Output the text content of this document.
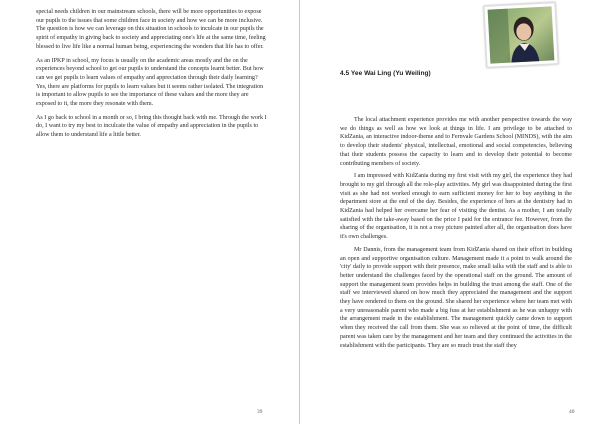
special needs children in our mainstream schools, there will be more opportunities to expose our pupils to the issues that some children face in society and how we can be more inclusive. The question is how we can leverage on this situation in schools to inculcate in our pupils the spirit of empathy in giving back to society and appreciating one's life at the same time, feeling blessed to live life like a normal human being, experiencing the wonders that life has to offer.

As an IPKP in school, my focus is usually on the academic areas mostly and the on the experiences beyond school to get our pupils to understand the concepts learnt better. But how can we get pupils to learn values of empathy and appreciation through their daily learning? Yes, there are platforms for pupils to learn values but it seems rather isolated. The integration is important to allow pupils to see the importance of these values and the more they are exposed to it, the more they resonate with them.

As I go back to school in a month or so, I bring this thought back with me. Through the work I do, I want to try my best to inculcate the value of empathy and appreciation in the pupils to allow them to understand life a little better.

39
4.5 Yee Wai Ling (Yu Weiling)

The local attachment experience provides me with another perspective towards the way we do things as well as how we look at things in life. I am privilege to be attached to KidZania, an interactive indoor-theme and to Fernvale Gardens School (MINDS), with the aim to develop their students' physical, intellectual, emotional and social competencies, believing that their students possess the capacity to learn and to develop their potential to become contributing members of society.

I am impressed with KidZania during my first visit with my girl, the experience they had brought to my girl through all the role-play activities. My girl was disappointed during the first visit as she had not worked enough to earn sufficient money for her to buy anything in the department store at the end of the day. Besides, the experience of hers at the dentistry had in KidZania had helped her overcame her fear of visiting the dentist. As a mother, I am totally satisfied with the take-away based on the price I paid for the entrance fee. However, from the sharing of the organisation, it is not a rosy picture painted after all, the organisation does have it's own challenges.

Mr Dannis, from the management team from KidZania shared on their effort in building an open and supportive organisation culture. Management made it a point to walk around the 'city' daily to provide support with their presence, make small talks with the staff and is able to better understand the challenges faced by the operational staff on the ground. The amount of support the management team provides helps in building the trust among the staff. One of the staff we interviewed shared on how much they appreciated the management and the support they have rendered to them on the ground. She shared her experience where her team met with a very unreasonable parent who made a big fuss at her establishment as he was unhappy with the arrangement made in the establishment. The management quickly came down to support when they received the call from them. She was so relieved at the point of time, the difficult parent was taken care by the management and her team and they continued the activities in the establishment with the participants. They are so much trust the staff they

40
